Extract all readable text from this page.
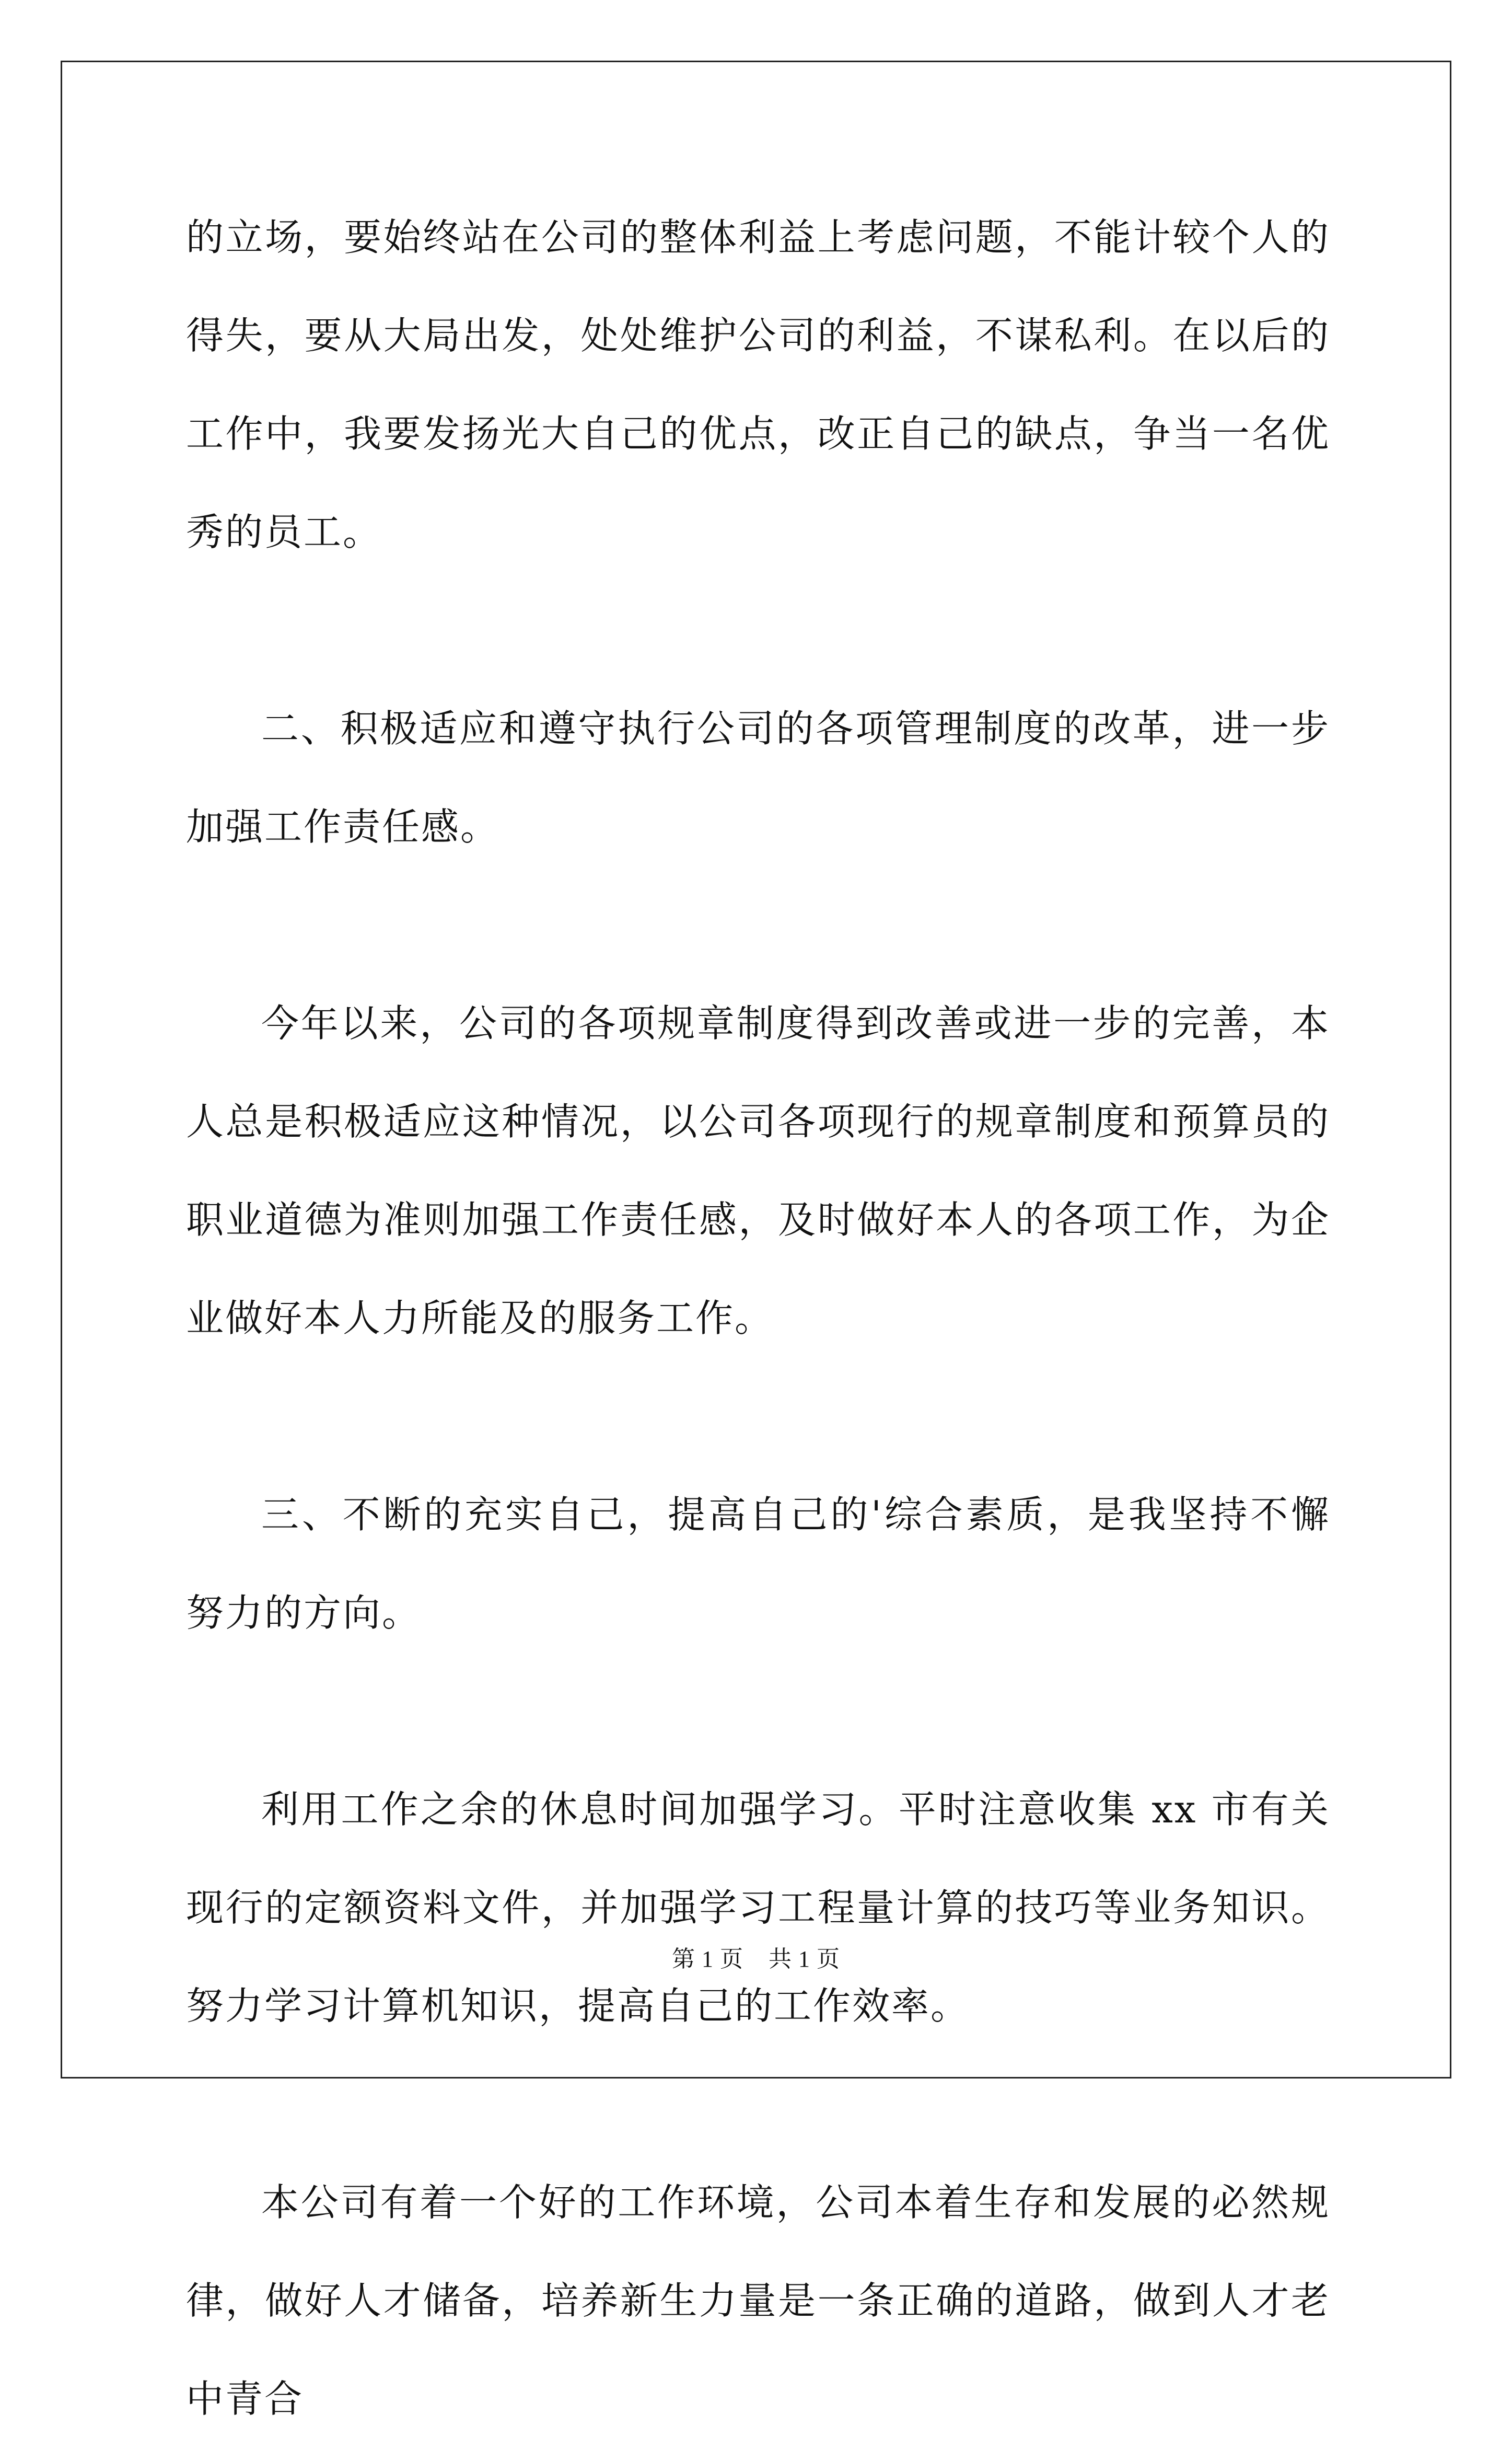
的立场，要始终站在公司的整体利益上考虑问题，不能计较个人的得失，要从大局出发，处处维护公司的利益，不谋私利。在以后的工作中，我要发扬光大自己的优点，改正自己的缺点，争当一名优秀的员工。

二、积极适应和遵守执行公司的各项管理制度的改革，进一步加强工作责任感。

今年以来，公司的各项规章制度得到改善或进一步的完善，本人总是积极适应这种情况，以公司各项现行的规章制度和预算员的职业道德为准则加强工作责任感，及时做好本人的各项工作，为企业做好本人力所能及的服务工作。

三、不断的充实自己，提高自己的'综合素质，是我坚持不懈努力的方向。

利用工作之余的休息时间加强学习。平时注意收集 xx 市有关现行的定额资料文件，并加强学习工程量计算的技巧等业务知识。努力学习计算机知识，提高自己的工作效率。

本公司有着一个好的工作环境，公司本着生存和发展的必然规律，做好人才储备，培养新生力量是一条正确的道路，做到人才老中青合

第 1 页 共 1 页
